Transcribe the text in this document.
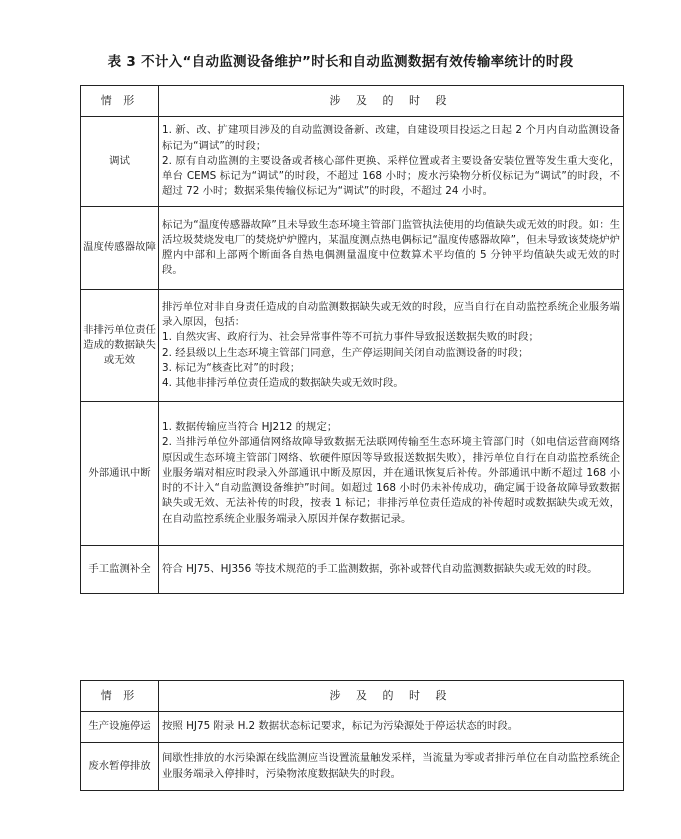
表 3 不计入“自动监测设备维护”时长和自动监测数据有效传输率统计的时段
情 形	涉 及 的 时 段
调试	1. 新、改、扩建项目涉及的自动监测设备新、改建，自建设项目投运之日起 2 个月内自动监测设备标记为“调试”的时段；
2. 原有自动监测的主要设备或者核心部件更换、采样位置或者主要设备安装位置等发生重大变化，单台 CEMS 标记为“调试”的时段，不超过 168 小时；废水污染物分析仪标记为“调试”的时段，不超过 72 小时；数据采集传输仪标记为“调试”的时段，不超过 24 小时。

温度传感器故障	标记为“温度传感器故障”且未导致生态环境主管部门监管执法使用的均值缺失或无效的时段。如：生活垃圾焚烧发电厂的焚烧炉炉膛内，某温度测点热电偶标记“温度传感器故障”，但未导致该焚烧炉炉膛内中部和上部两个断面各自热电偶测量温度中位数算术平均值的 5 分钟平均值缺失或无效的时段。

非排污单位责任造成的数据缺失或无效	排污单位对非自身责任造成的自动监测数据缺失或无效的时段，应当自行在自动监控系统企业服务端录入原因，包括：
1. 自然灾害、政府行为、社会异常事件等不可抗力事件导致报送数据失败的时段；
2. 经县级以上生态环境主管部门同意，生产停运期间关闭自动监测设备的时段；
3. 标记为“核查比对”的时段；
4. 其他非排污单位责任造成的数据缺失或无效时段。

外部通讯中断	1. 数据传输应当符合 HJ212 的规定；
2. 当排污单位外部通信网络故障导致数据无法联网传输至生态环境主管部门时（如电信运营商网络原因或生态环境主管部门网络、软硬件原因等导致报送数据失败），排污单位自行在自动监控系统企业服务端对相应时段录入外部通讯中断及原因，并在通讯恢复后补传。外部通讯中断不超过 168 小时的不计入“自动监测设备维护”时间。如超过 168 小时仍未补传成功，确定属于设备故障导致数据缺失或无效、无法补传的时段，按表 1 标记；非排污单位责任造成的补传超时或数据缺失或无效，在自动监控系统企业服务端录入原因并保存数据记录。

手工监测补全	符合 HJ75、HJ356 等技术规范的手工监测数据，弥补或替代自动监测数据缺失或无效的时段。
情 形	涉 及 的 时 段
生产设施停运	按照 HJ75 附录 H.2 数据状态标记要求，标记为污染源处于停运状态的时段。

废水暂停排放	间歇性排放的水污染源在线监测应当设置流量触发采样，当流量为零或者排污单位在自动监控系统企业服务端录入停排时，污染物浓度数据缺失的时段。
